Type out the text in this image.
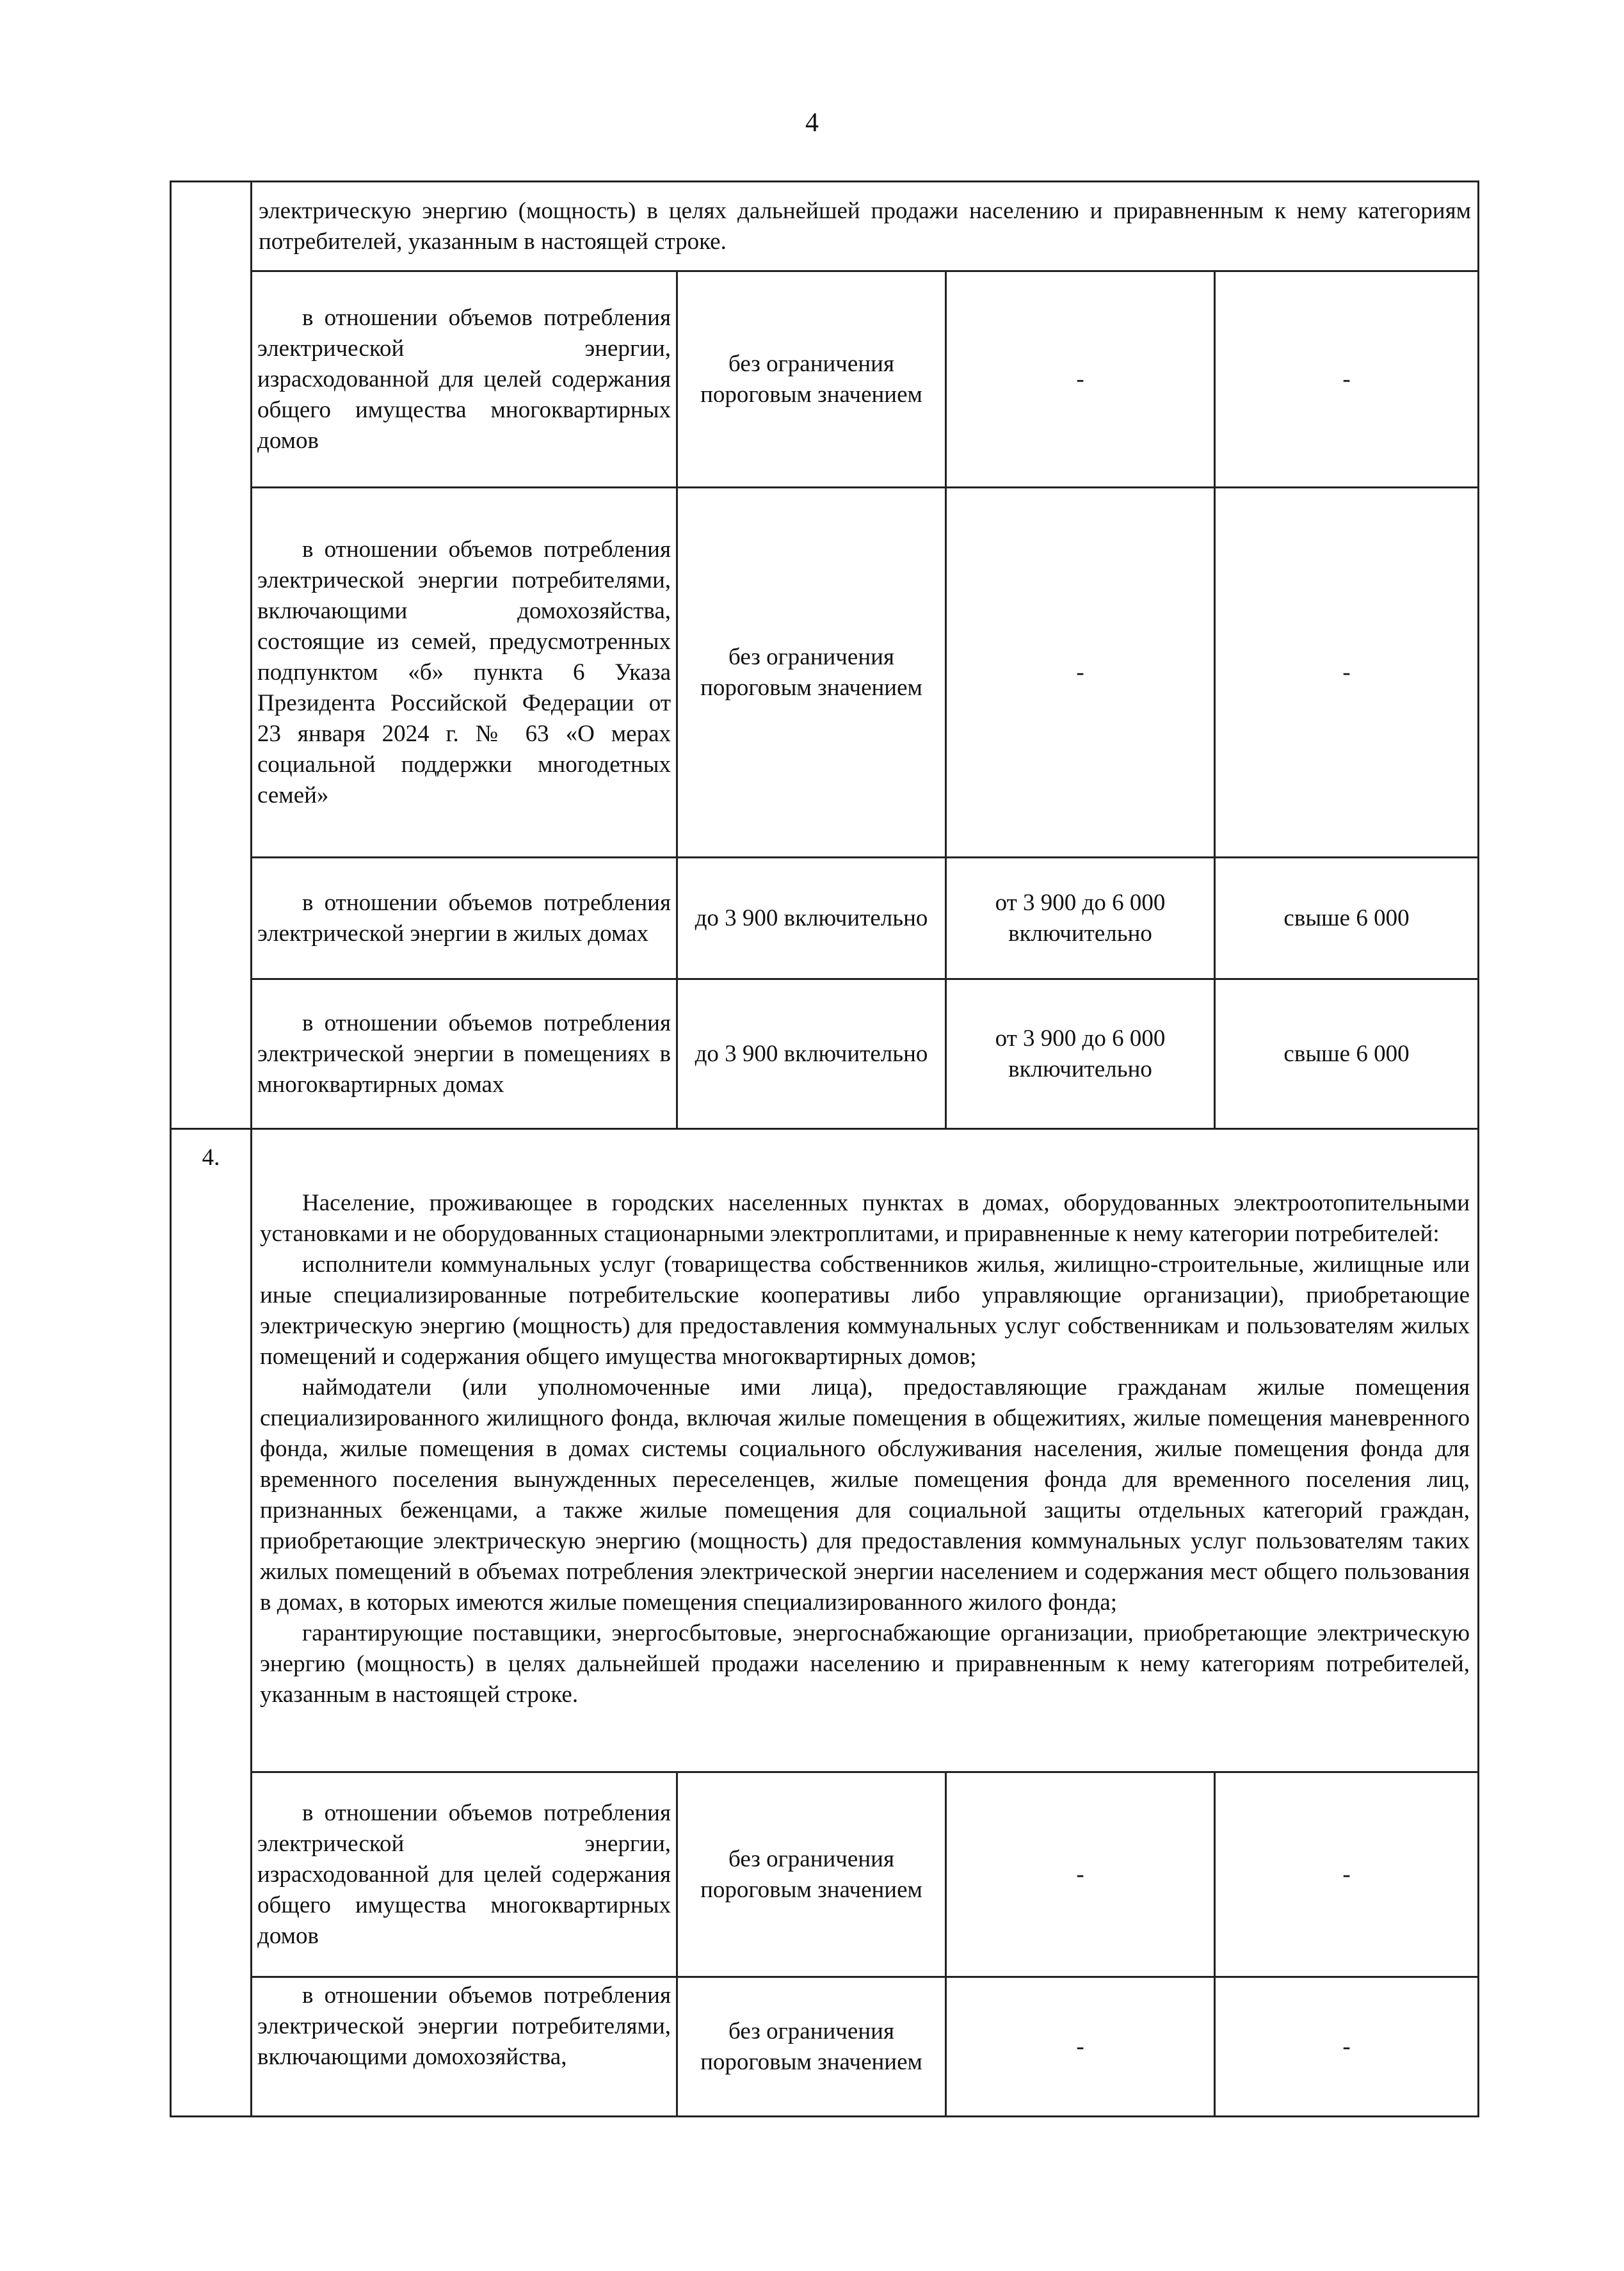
4
	электрическую энергию (мощность) в целях дальнейшей продажи населению и приравненным к нему категориям потребителей, указанным в настоящей строке.			
	в отношении объемов потребления электрической энергии, израсходованной для целей содержания общего имущества многоквартирных домов	без ограничения пороговым значением	-	-
	в отношении объемов потребления электрической энергии потребителями, включающими домохозяйства, состоящие из семей, предусмотренных подпунктом «б» пункта 6 Указа Президента Российской Федерации от 23 января 2024 г. № 63 «О мерах социальной поддержки многодетных семей»	без ограничения пороговым значением	-	-
	в отношении объемов потребления электрической энергии в жилых домах	до 3 900 включительно	от 3 900 до 6 000 включительно	свыше 6 000
	в отношении объемов потребления электрической энергии в помещениях в многоквартирных домах	до 3 900 включительно	от 3 900 до 6 000 включительно	свыше 6 000
4.	Население, проживающее в городских населенных пунктах в домах, оборудованных электроотопительными установками и не оборудованных стационарными электроплитами, и приравненные к нему категории потребителей:

исполнители коммунальных услуг (товарищества собственников жилья, жилищно-строительные, жилищные или иные специализированные потребительские кооперативы либо управляющие организации), приобретающие электрическую энергию (мощность) для предоставления коммунальных услуг собственникам и пользователям жилых помещений и содержания общего имущества многоквартирных домов;

наймодатели (или уполномоченные ими лица), предоставляющие гражданам жилые помещения специализированного жилищного фонда, включая жилые помещения в общежитиях, жилые помещения маневренного фонда, жилые помещения в домах системы социального обслуживания населения, жилые помещения фонда для временного поселения вынужденных переселенцев, жилые помещения фонда для временного поселения лиц, признанных беженцами, а также жилые помещения для социальной защиты отдельных категорий граждан, приобретающие электрическую энергию (мощность) для предоставления коммунальных услуг пользователям таких жилых помещений в объемах потребления электрической энергии населением и содержания мест общего пользования в домах, в которых имеются жилые помещения специализированного жилого фонда;

гарантирующие поставщики, энергосбытовые, энергоснабжающие организации, приобретающие электрическую энергию (мощность) в целях дальнейшей продажи населению и приравненным к нему категориям потребителей, указанным в настоящей строке.			

	в отношении объемов потребления электрической энергии, израсходованной для целей содержания общего имущества многоквартирных домов	без ограничения пороговым значением	-	-
	в отношении объемов потребления электрической энергии потребителями, включающими домохозяйства,	без ограничения пороговым значением	-	-
